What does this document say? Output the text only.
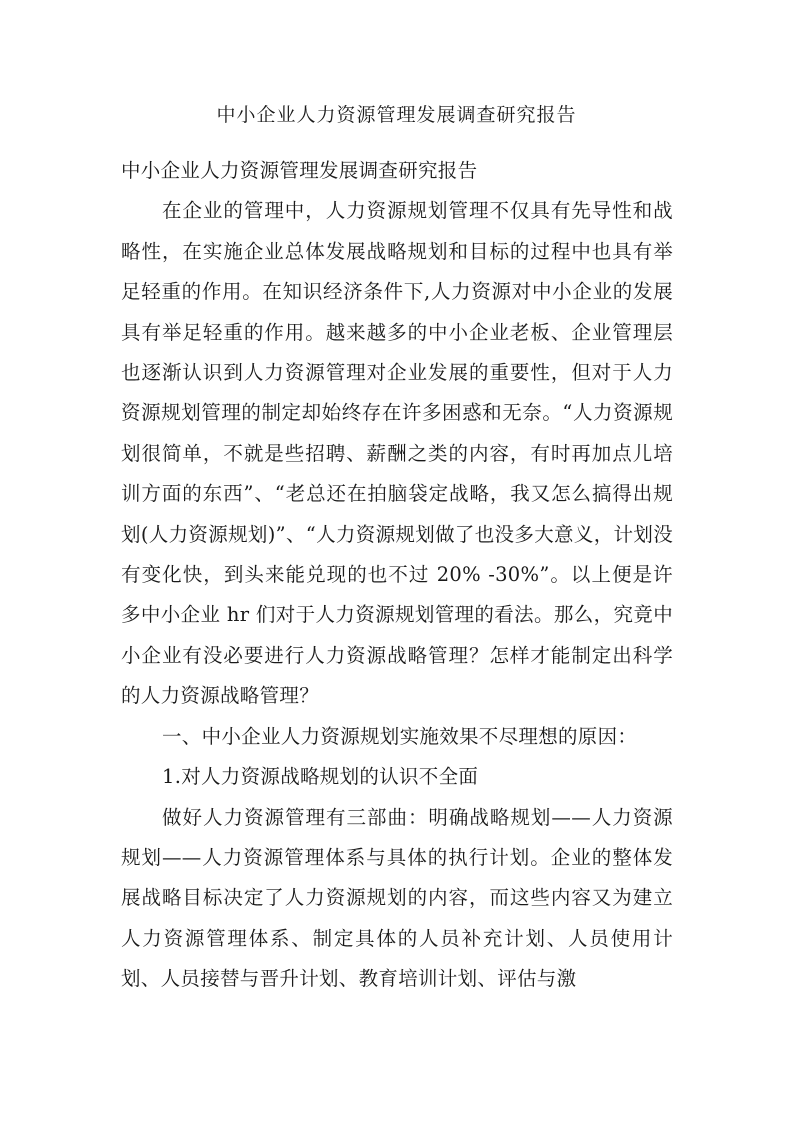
中小企业人力资源管理发展调查研究报告

中小企业人力资源管理发展调查研究报告

在企业的管理中，人力资源规划管理不仅具有先导性和战略性，在实施企业总体发展战略规划和目标的过程中也具有举足轻重的作用。在知识经济条件下,人力资源对中小企业的发展具有举足轻重的作用。越来越多的中小企业老板、企业管理层也逐渐认识到人力资源管理对企业发展的重要性，但对于人力资源规划管理的制定却始终存在许多困惑和无奈。“人力资源规划很简单，不就是些招聘、薪酬之类的内容，有时再加点儿培训方面的东西”、“老总还在拍脑袋定战略，我又怎么搞得出规划(人力资源规划)”、“人力资源规划做了也没多大意义，计划没有变化快，到头来能兑现的也不过 20% -30%”。以上便是许多中小企业 hr 们对于人力资源规划管理的看法。那么，究竟中小企业有没必要进行人力资源战略管理？怎样才能制定出科学的人力资源战略管理？

一、中小企业人力资源规划实施效果不尽理想的原因：

1.对人力资源战略规划的认识不全面

做好人力资源管理有三部曲：明确战略规划——人力资源规划——人力资源管理体系与具体的执行计划。企业的整体发展战略目标决定了人力资源规划的内容，而这些内容又为建立人力资源管理体系、制定具体的人员补充计划、人员使用计划、人员接替与晋升计划、教育培训计划、评估与激
